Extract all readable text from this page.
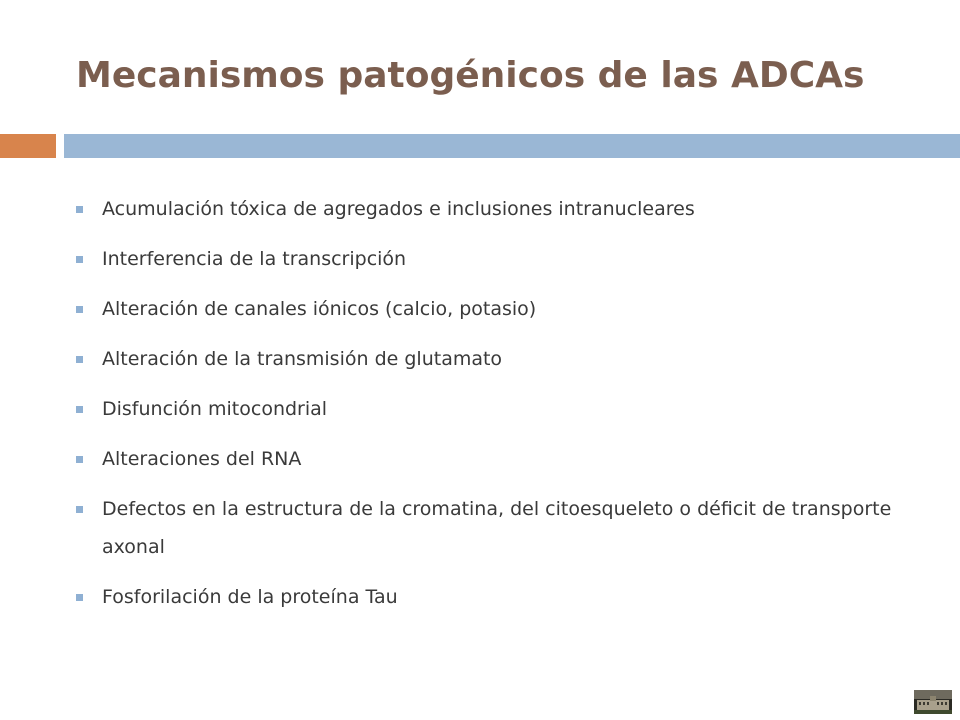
Mecanismos patogénicos de las ADCAs
Acumulación tóxica de agregados e inclusiones intranucleares
Interferencia de la transcripción
Alteración de canales iónicos (calcio, potasio)
Alteración de la transmisión de glutamato
Disfunción mitocondrial
Alteraciones del RNA
Defectos en la estructura de la cromatina, del citoesqueleto o déficit de transporte axonal
Fosforilación de la proteína Tau
